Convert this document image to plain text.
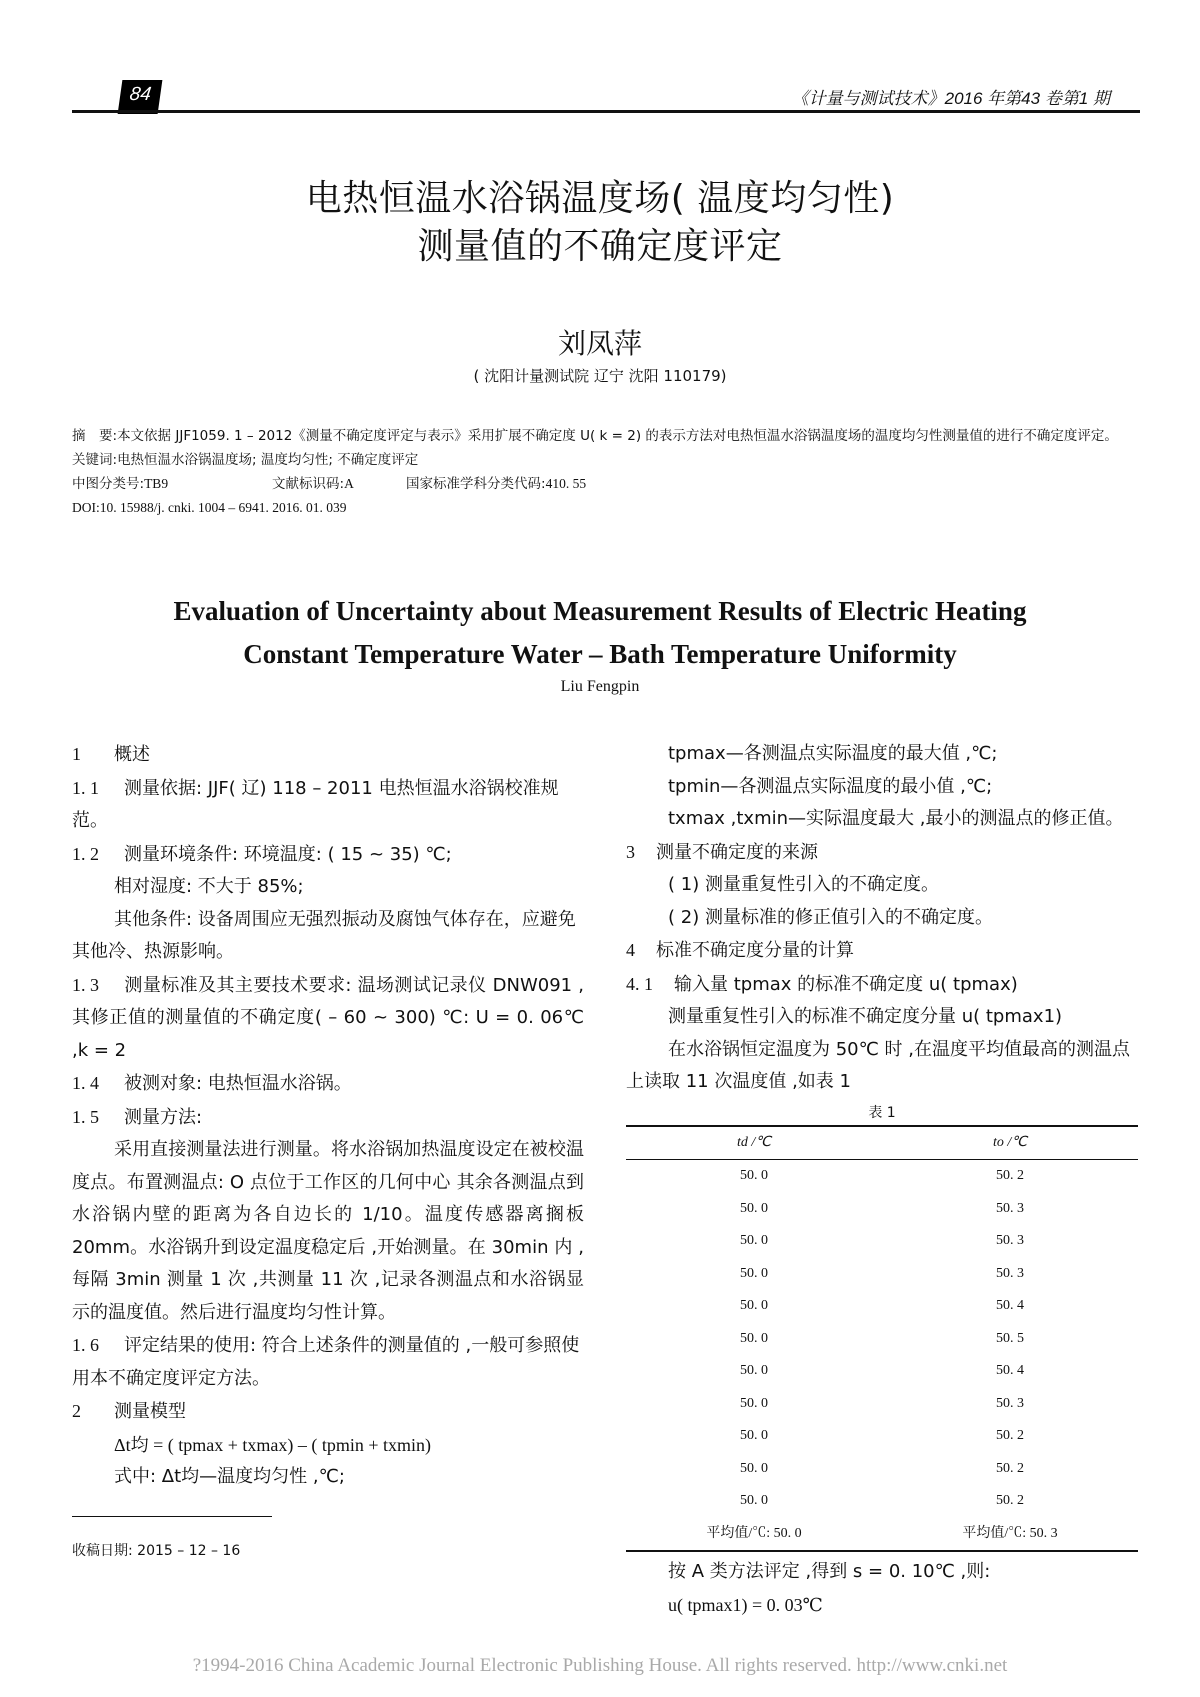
84	《计量与测试技术》2016 年第43 卷第1 期
电热恒温水浴锅温度场( 温度均匀性)
测量值的不确定度评定
刘凤萍
( 沈阳计量测试院 辽宁 沈阳 110179)

摘　要:本文依据 JJF1059. 1 – 2012《测量不确定度评定与表示》采用扩展不确定度 U( k = 2) 的表示方法对电热恒温水浴锅温度场的温度均匀性测量值的进行不确定度评定。

关键词:电热恒温水浴锅温度场; 温度均匀性; 不确定度评定

中图分类号:TB9	文献标识码:A	国家标准学科分类代码:410. 55

DOI:10. 15988/j. cnki. 1004 – 6941. 2016. 01. 039

Evaluation of Uncertainty about Measurement Results of Electric Heating
Constant Temperature Water – Bath Temperature Uniformity
Liu Fengpin

1 概述

1. 1 测量依据: JJF( 辽) 118 – 2011 电热恒温水浴锅校准规范。

1. 2 测量环境条件: 环境温度: ( 15 ~ 35) ℃;

相对湿度: 不大于 85%;

其他条件: 设备周围应无强烈振动及腐蚀气体存在，应避免其他冷、热源影响。

1. 3 测量标准及其主要技术要求: 温场测试记录仪 DNW091 ,其修正值的测量值的不确定度( – 60 ~ 300) ℃: U = 0. 06℃ ,k = 2

1. 4 被测对象: 电热恒温水浴锅。

1. 5 测量方法:

采用直接测量法进行测量。将水浴锅加热温度设定在被校温度点。布置测温点: O 点位于工作区的几何中心 其余各测温点到水浴锅内壁的距离为各自边长的 1/10。温度传感器离搁板 20mm。水浴锅升到设定温度稳定后 ,开始测量。在 30min 内 ,每隔 3min 测量 1 次 ,共测量 11 次 ,记录各测温点和水浴锅显示的温度值。然后进行温度均匀性计算。

1. 6 评定结果的使用: 符合上述条件的测量值的 ,一般可参照使用本不确定度评定方法。

2 测量模型

Δt均 = ( tpmax + txmax) – ( tpmin + txmin)

式中: Δt均—温度均匀性 ,℃;

收稿日期: 2015 – 12 – 16

tpmax—各测温点实际温度的最大值 ,℃;

tpmin—各测温点实际温度的最小值 ,℃;

txmax ,txmin—实际温度最大 ,最小的测温点的修正值。

3 测量不确定度的来源

( 1) 测量重复性引入的不确定度。

( 2) 测量标准的修正值引入的不确定度。

4 标准不确定度分量的计算

4. 1 输入量 tpmax 的标准不确定度 u( tpmax)

测量重复性引入的标准不确定度分量 u( tpmax1)

在水浴锅恒定温度为 50℃ 时 ,在温度平均值最高的测温点上读取 11 次温度值 ,如表 1

表 1
td /℃	to /℃
50. 0	50. 2
50. 0	50. 3
50. 0	50. 3
50. 0	50. 3
50. 0	50. 4
50. 0	50. 5
50. 0	50. 4
50. 0	50. 3
50. 0	50. 2
50. 0	50. 2
50. 0	50. 2
平均值/℃: 50. 0	平均值/℃: 50. 3

按 A 类方法评定 ,得到 s = 0. 10℃ ,则:

u( tpmax1) = 0. 03℃

?1994-2016 China Academic Journal Electronic Publishing House. All rights reserved. http://www.cnki.net
